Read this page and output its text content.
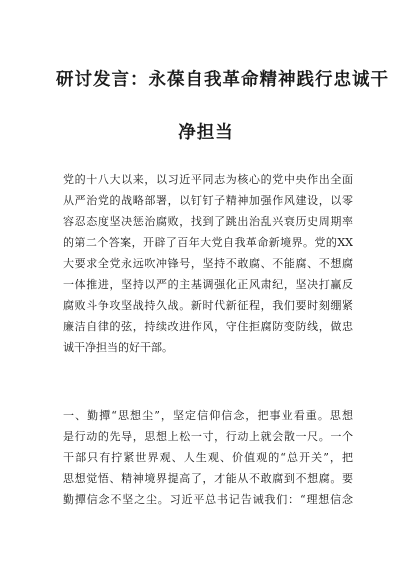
研讨发言：永葆自我革命精神践行忠诚干
净担当

党的十八大以来，以习近平同志为核心的党中央作出全面
从严治党的战略部署，以钉钉子精神加强作风建设，以零
容忍态度坚决惩治腐败，找到了跳出治乱兴衰历史周期率
的第二个答案，开辟了百年大党自我革命新境界。党的XX
大要求全党永远吹冲锋号，坚持不敢腐、不能腐、不想腐
一体推进，坚持以严的主基调强化正风肃纪，坚决打赢反
腐败斗争攻坚战持久战。新时代新征程，我们要时刻绷紧
廉洁自律的弦，持续改进作风，守住拒腐防变防线，做忠
诚干净担当的好干部。

一、勤撢“思想尘”，坚定信仰信念，把事业看重。思想
是行动的先导，思想上松一寸，行动上就会散一尺。一个
干部只有拧紧世界观、人生观、价值观的“总开关”，把
思想觉悟、精神境界提高了，才能从不敢腐到不想腐。要
勤撢信念不坚之尘。习近平总书记告诫我们：“理想信念
